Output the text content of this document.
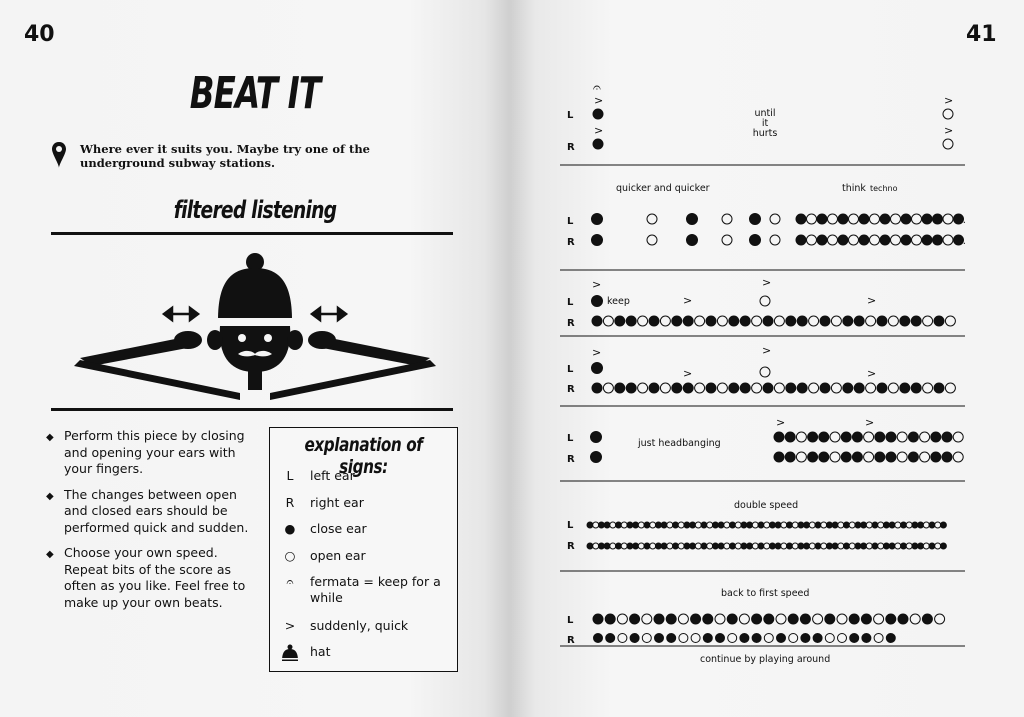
40
BEAT IT
Where ever it suits you. Maybe try one of the underground subway stations.
filtered listening
◆ Perform this piece by closing and opening your ears with your fingers.
◆ The changes between open and closed ears should be performed quick and sudden.
◆ Choose your own speed. Repeat bits of the score as often as you like. Feel free to make up your own beats.
explanation of signs:
L	left ear
R	right ear
●	close ear
○	open ear
𝄐	fermata = keep for a while
>	suddenly, quick
hat
41
𝄐
>	>
>	>
L
R
L
R
…
…
>	>
>	>
L
R
>	>
>	>
L
R
>	>
L
R
L
R
L
R
until
it
hurts
quicker and quicker	think techno
keep
just headbanging
double speed
back to first speed
continue by playing around
